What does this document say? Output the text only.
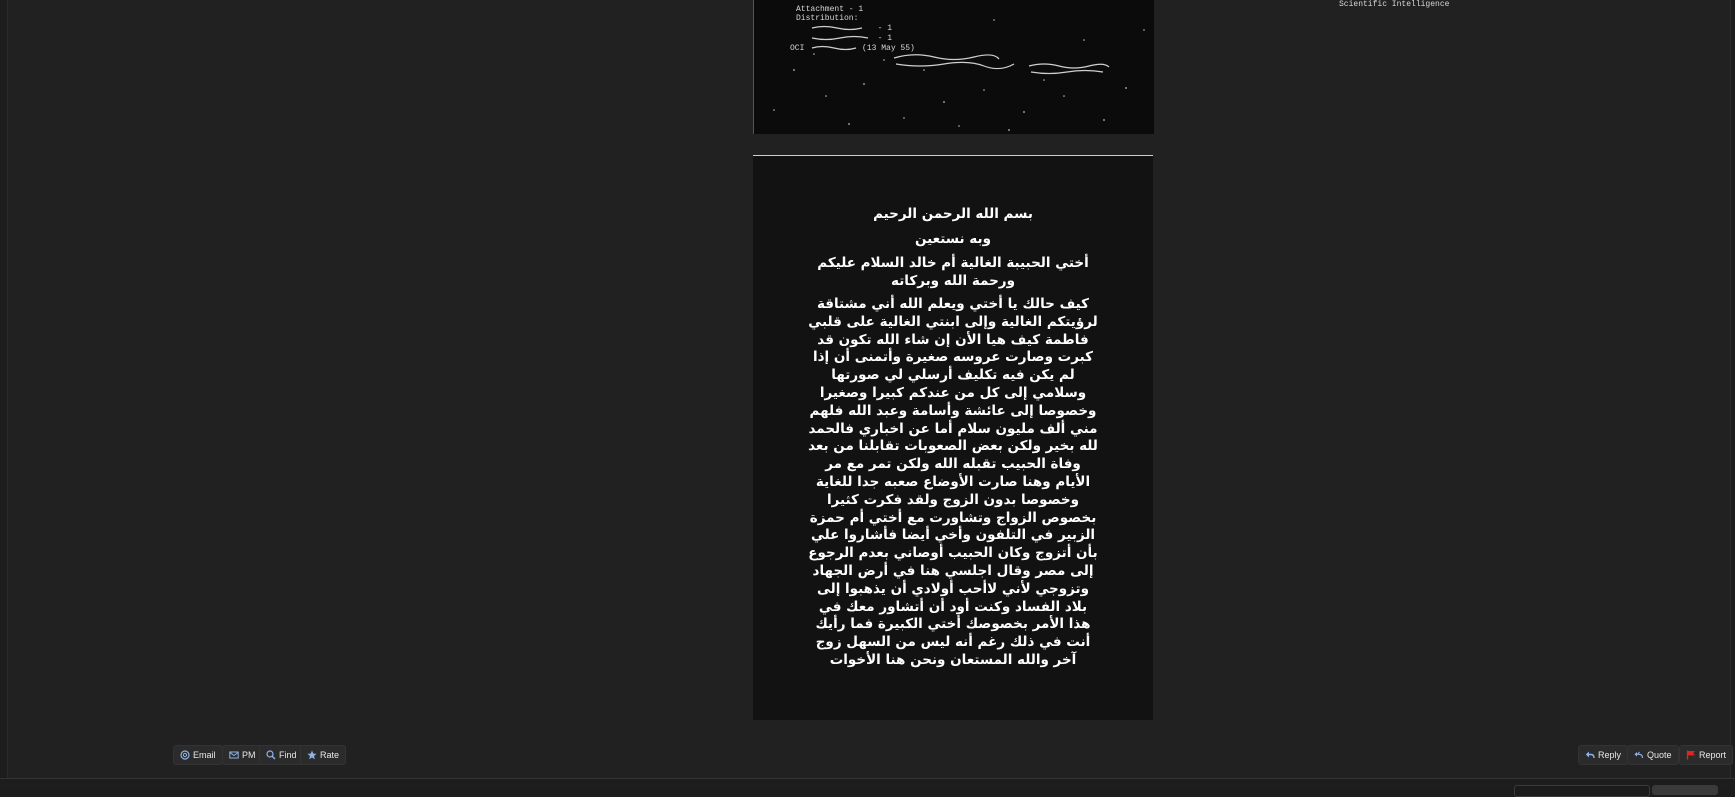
Scientific Intelligence
Attachment - 1
Distribution:
- 1
- 1
OCI            (13 May 55)
بسم الله الرحمن الرحيم
وبه نستعين
أختي الحبيبة الغالية أم خالد السلام عليكم ورحمة الله وبركاته
كيف حالك يا أختي ويعلم الله أني مشتاقة لرؤيتكم الغالية وإلى ابنتي الغالية على قلبي فاطمة كيف هيا الأن إن شاء الله تكون قد كبرت وصارت عروسه صغيرة وأتمنى أن إذا لم يكن فيه تكليف أرسلي لي صورتها وسلامي إلى كل من عندكم كبيرا وصغيرا وخصوصا إلى عائشة وأسامة وعبد الله فلهم مني ألف مليون سلام أما عن اخباري فالحمد لله بخير ولكن بعض الصعوبات تقابلنا من بعد وفاة الحبيب تقبله الله ولكن تمر مع مر الأيام وهنا صارت الأوضاع صعبه جدا للغاية وخصوصا بدون الزوج ولقد فكرت كثيرا بخصوص الزواج وتشاورت مع أختي أم حمزة الزبير في التلفون وأخي أيضا فأشاروا علي بأن أتزوج وكان الحبيب أوصاني بعدم الرجوع إلى مصر وقال اجلسي هنا في أرض الجهاد وتزوجي لأني لاأحب أولادي أن يذهبوا إلى بلاد الفساد وكنت أود أن أتشاور معك في هذا الأمر بخصوصك أختي الكبيرة فما رأيك أنت في ذلك رغم أنه ليس من السهل زوج آخر والله المستعان ونحن هنا الأخوات
Email	PM	Find	Rate	Reply	Quote	Report
